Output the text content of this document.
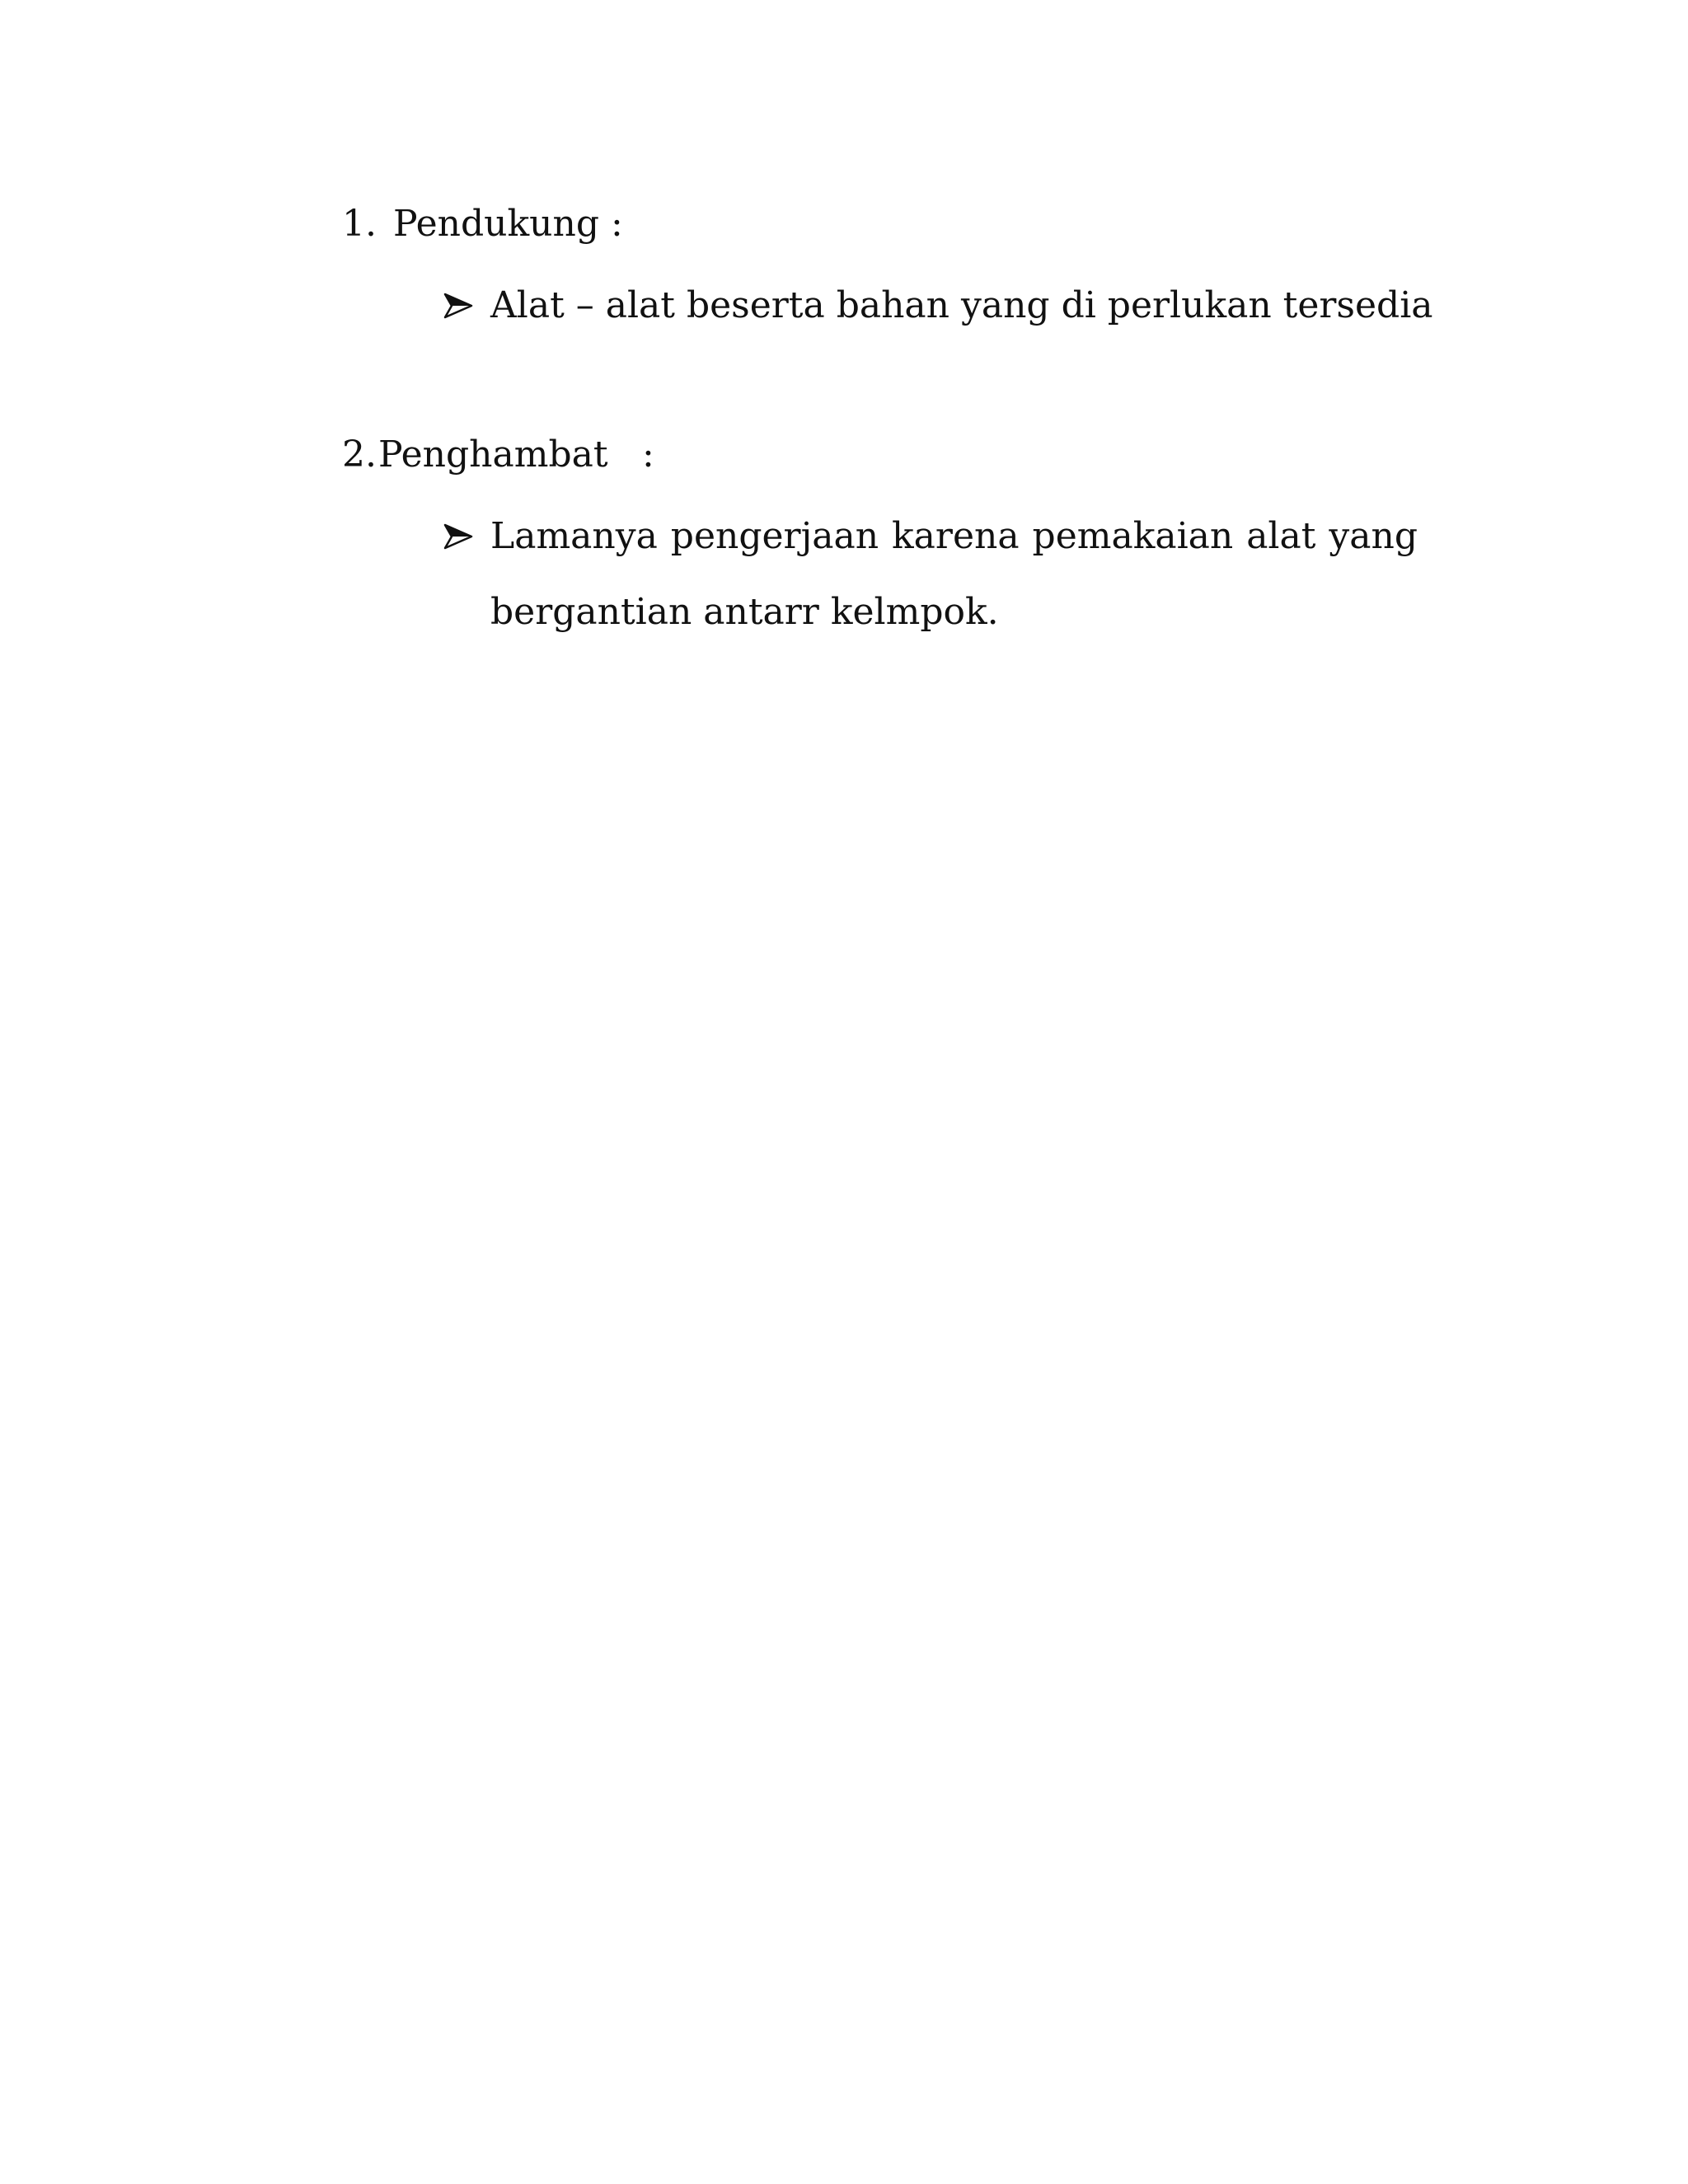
1. Pendukung :
Alat – alat beserta bahan yang di perlukan tersedia
2.Penghambat :
Lamanya pengerjaan karena pemakaian alat yang bergantian antarr kelmpok.
